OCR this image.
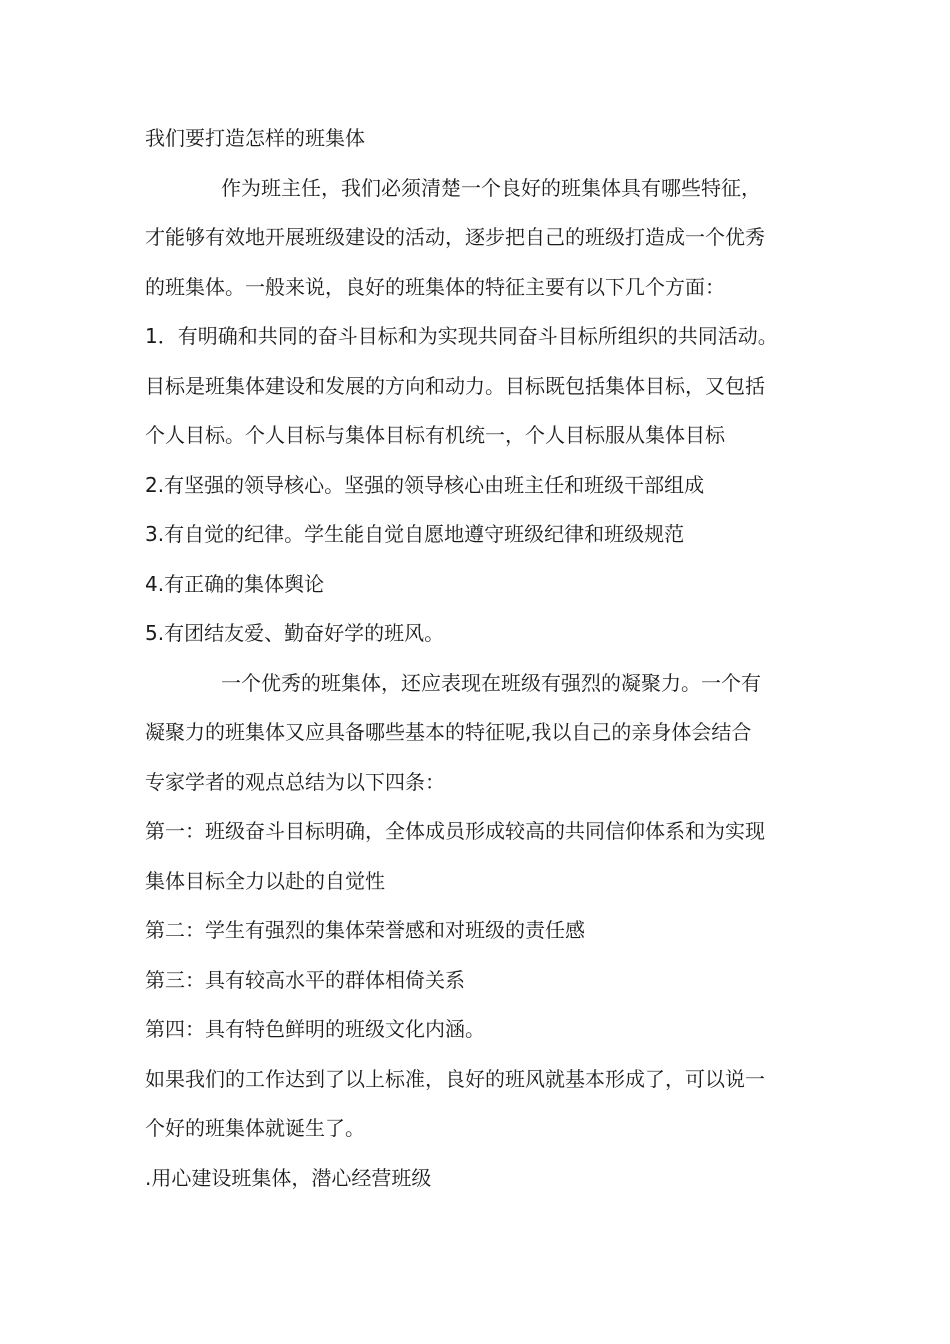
我们要打造怎样的班集体
作为班主任，我们必须清楚一个良好的班集体具有哪些特征，
才能够有效地开展班级建设的活动，逐步把自己的班级打造成一个优秀
的班集体。一般来说，良好的班集体的特征主要有以下几个方面：
1．有明确和共同的奋斗目标和为实现共同奋斗目标所组织的共同活动。
目标是班集体建设和发展的方向和动力。目标既包括集体目标，又包括
个人目标。个人目标与集体目标有机统一，个人目标服从集体目标
2.有坚强的领导核心。坚强的领导核心由班主任和班级干部组成
3.有自觉的纪律。学生能自觉自愿地遵守班级纪律和班级规范
4.有正确的集体舆论
5.有团结友爱、勤奋好学的班风。
一个优秀的班集体，还应表现在班级有强烈的凝聚力。一个有
凝聚力的班集体又应具备哪些基本的特征呢,我以自己的亲身体会结合
专家学者的观点总结为以下四条：
第一：班级奋斗目标明确，全体成员形成较高的共同信仰体系和为实现
集体目标全力以赴的自觉性
第二：学生有强烈的集体荣誉感和对班级的责任感
第三：具有较高水平的群体相倚关系
第四：具有特色鲜明的班级文化内涵。
如果我们的工作达到了以上标准，良好的班风就基本形成了，可以说一
个好的班集体就诞生了。
.用心建设班集体，潜心经营班级
